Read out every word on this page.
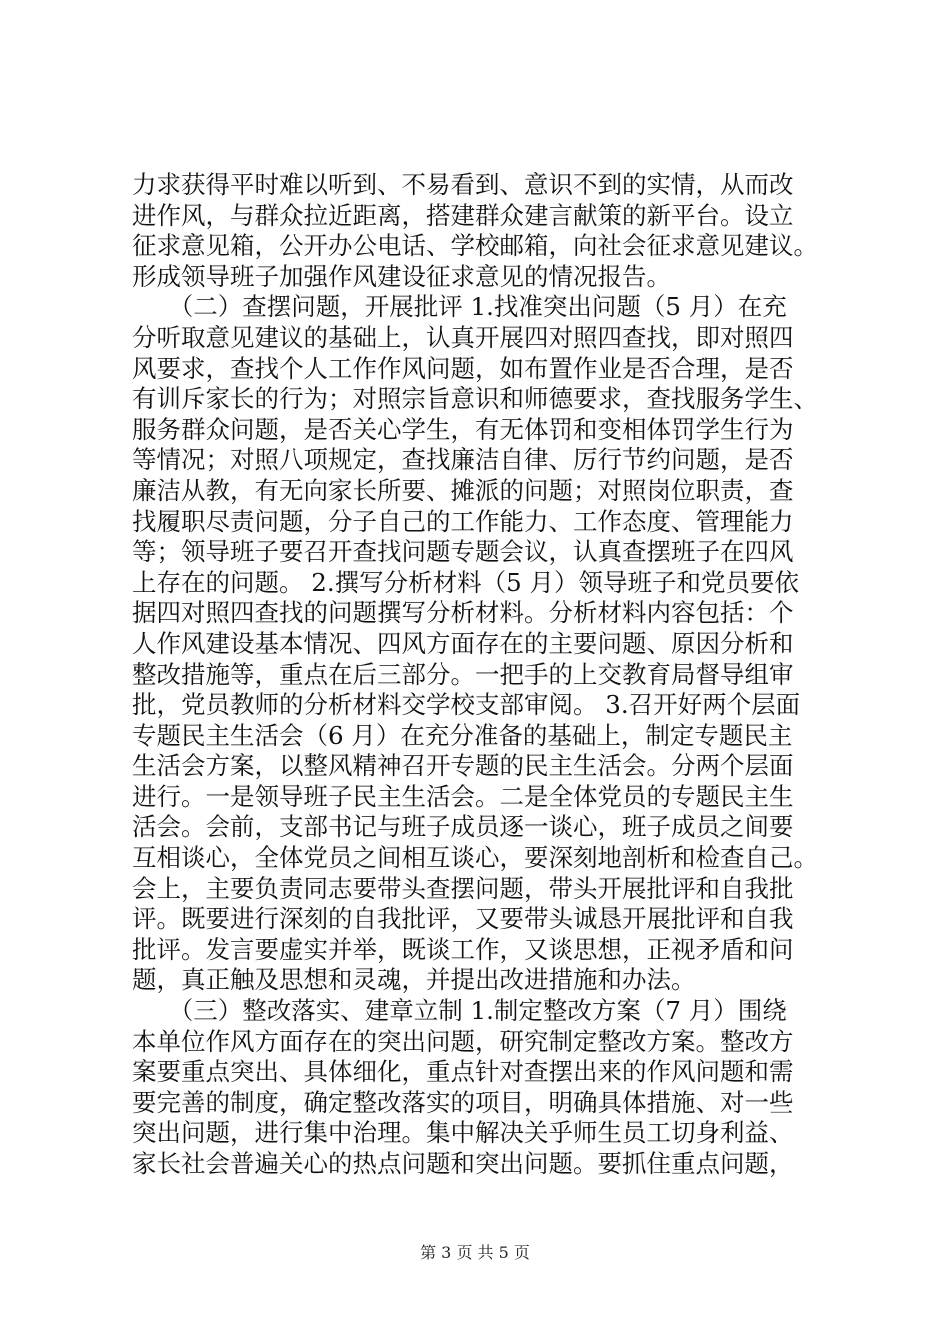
力求获得平时难以听到、不易看到、意识不到的实情，从而改
进作风，与群众拉近距离，搭建群众建言献策的新平台。设立
征求意见箱，公开办公电话、学校邮箱，向社会征求意见建议。
形成领导班子加强作风建设征求意见的情况报告。
　　（二）查摆问题，开展批评 1.找准突出问题（5 月）在充
分听取意见建议的基础上，认真开展四对照四查找，即对照四
风要求，查找个人工作作风问题，如布置作业是否合理，是否
有训斥家长的行为；对照宗旨意识和师德要求，查找服务学生、
服务群众问题，是否关心学生，有无体罚和变相体罚学生行为
等情况；对照八项规定，查找廉洁自律、厉行节约问题，是否
廉洁从教，有无向家长所要、摊派的问题；对照岗位职责，查
找履职尽责问题，分子自己的工作能力、工作态度、管理能力
等；领导班子要召开查找问题专题会议，认真查摆班子在四风
上存在的问题。 2.撰写分析材料（5 月）领导班子和党员要依
据四对照四查找的问题撰写分析材料。分析材料内容包括：个
人作风建设基本情况、四风方面存在的主要问题、原因分析和
整改措施等，重点在后三部分。一把手的上交教育局督导组审
批，党员教师的分析材料交学校支部审阅。 3.召开好两个层面
专题民主生活会（6 月）在充分准备的基础上，制定专题民主
生活会方案，以整风精神召开专题的民主生活会。分两个层面
进行。一是领导班子民主生活会。二是全体党员的专题民主生
活会。会前，支部书记与班子成员逐一谈心，班子成员之间要
互相谈心，全体党员之间相互谈心，要深刻地剖析和检查自己。
会上，主要负责同志要带头查摆问题，带头开展批评和自我批
评。既要进行深刻的自我批评，又要带头诚恳开展批评和自我
批评。发言要虚实并举，既谈工作，又谈思想，正视矛盾和问
题，真正触及思想和灵魂，并提出改进措施和办法。
　　（三）整改落实、建章立制 1.制定整改方案（7 月）围绕
本单位作风方面存在的突出问题，研究制定整改方案。整改方
案要重点突出、具体细化，重点针对查摆出来的作风问题和需
要完善的制度，确定整改落实的项目，明确具体措施、对一些
突出问题，进行集中治理。集中解决关乎师生员工切身利益、
家长社会普遍关心的热点问题和突出问题。要抓住重点问题，
第 3 页 共 5 页
